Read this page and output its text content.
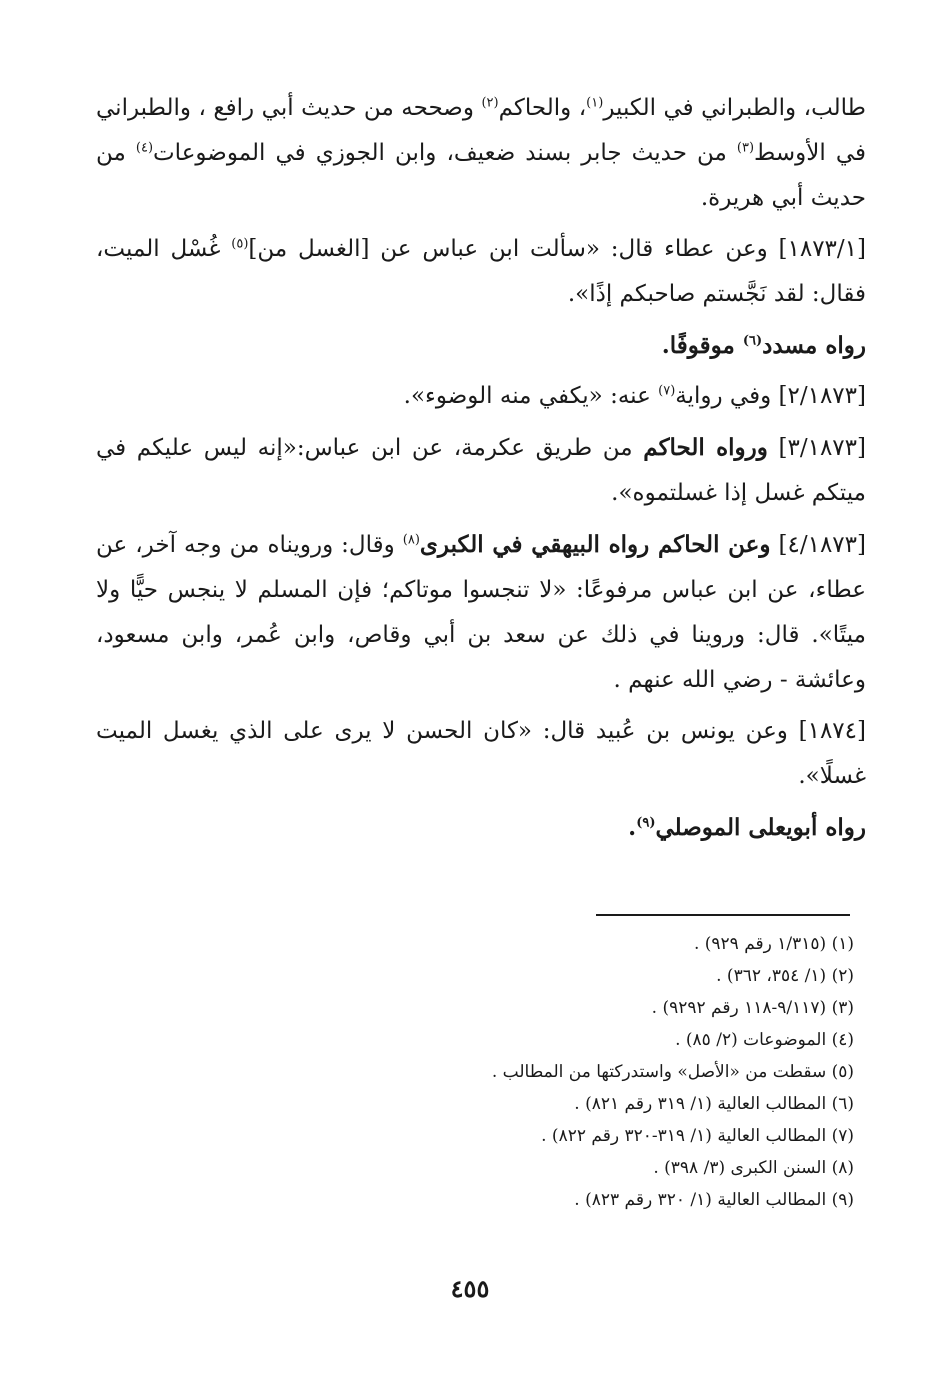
طالب، والطبراني في الكبير$^{(١)}$، والحاكم$^{(٢)}$ وصححه من حديث أبي رافع ، والطبراني في الأوسط$^{(٣)}$ من حديث جابر بسند ضعيف، وابن الجوزي في الموضوعات$^{(٤)}$ من حديث أبي هريرة.

[١٨٧٣/١] وعن عطاء قال: «سألت ابن عباس عن [الغسل من]$^{(٥)}$ غُسْل الميت، فقال: لقد نَجَّستم صاحبكم إذًا».

رواه مسدد$^{(٦)}$ موقوفًا.

[٢/١٨٧٣] وفي رواية$^{(٧)}$ عنه: «يكفي منه الوضوء».

[٣/١٨٧٣] ورواه الحاكم من طريق عكرمة، عن ابن عباس:«إنه ليس عليكم في ميتكم غسل إذا غسلتموه».

[٤/١٨٧٣] وعن الحاكم رواه البيهقي في الكبرى$^{(٨)}$ وقال: ورويناه من وجه آخر، عن عطاء، عن ابن عباس مرفوعًا: «لا تنجسوا موتاكم؛ فإن المسلم لا ينجس حيًّا ولا ميتًا». قال: وروينا في ذلك عن سعد بن أبي وقاص، وابن عُمر، وابن مسعود، وعائشة - رضي الله عنهم .

[١٨٧٤] وعن يونس بن عُبيد قال: «كان الحسن لا يرى على الذي يغسل الميت غسلًا».

رواه أبويعلى الموصلي$^{(٩)}$.

(١) (١/٣١٥ رقم ٩٢٩) .

(٢) (١/ ٣٥٤، ٣٦٢) .

(٣) (٩/١١٧-١١٨ رقم ٩٢٩٢) .

(٤) الموضوعات (٢/ ٨٥) .

(٥) سقطت من «الأصل» واستدركتها من المطالب .

(٦) المطالب العالية (١/ ٣١٩ رقم ٨٢١) .

(٧) المطالب العالية (١/ ٣١٩-٣٢٠ رقم ٨٢٢) .

(٨) السنن الكبرى (٣/ ٣٩٨) .

(٩) المطالب العالية (١/ ٣٢٠ رقم ٨٢٣) .

٤٥٥
